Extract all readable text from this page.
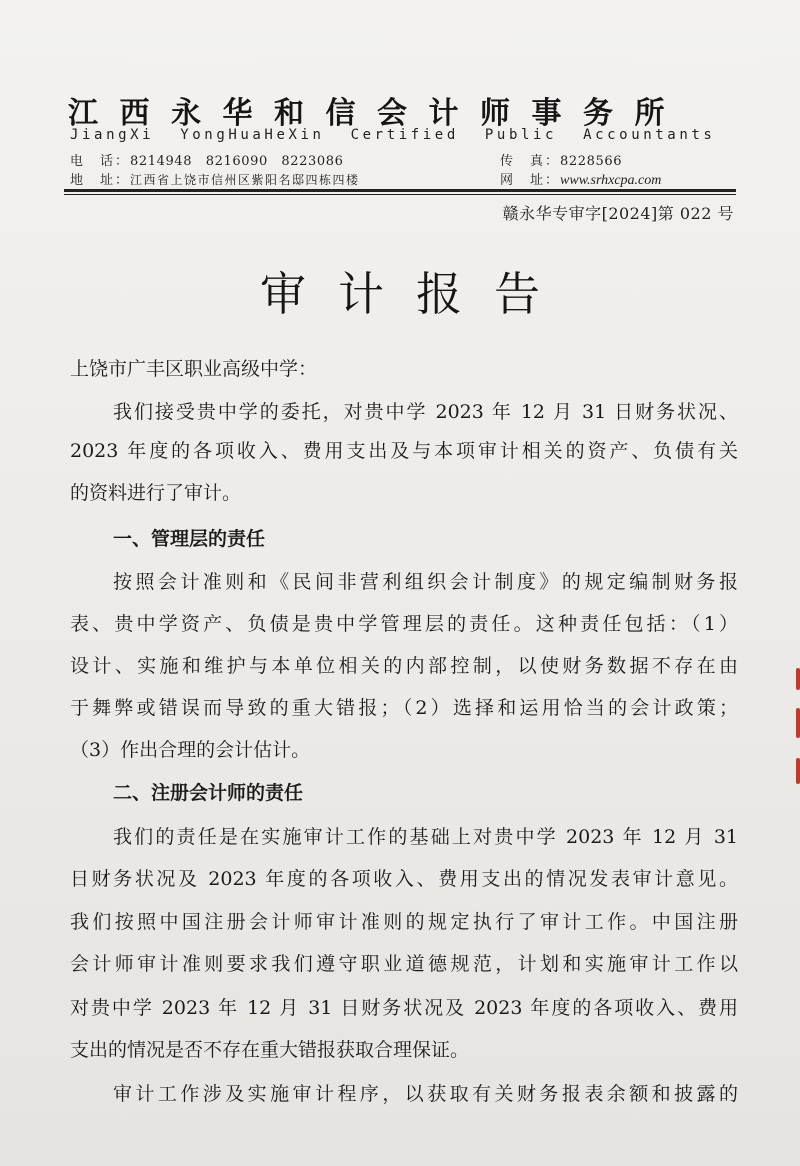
江西永华和信会计师事务所
JiangXi YongHuaHeXin Certified Public Accountants
电　话：8214948　8216090　8223086	传　真：8228566
地　址：江西省上饶市信州区紫阳名邸四栋四楼	网　址：www.srhxcpa.com
赣永华专审字[2024]第 022 号
审计报告
上饶市广丰区职业高级中学：
我们接受贵中学的委托，对贵中学 2023 年 12 月 31 日财务状况、
2023 年度的各项收入、费用支出及与本项审计相关的资产、负债有关
的资料进行了审计。
一、管理层的责任
按照会计准则和《民间非营利组织会计制度》的规定编制财务报
表、贵中学资产、负债是贵中学管理层的责任。这种责任包括：（1）
设计、实施和维护与本单位相关的内部控制，以使财务数据不存在由
于舞弊或错误而导致的重大错报；（2）选择和运用恰当的会计政策；
（3）作出合理的会计估计。
二、注册会计师的责任
我们的责任是在实施审计工作的基础上对贵中学 2023 年 12 月 31
日财务状况及 2023 年度的各项收入、费用支出的情况发表审计意见。
我们按照中国注册会计师审计准则的规定执行了审计工作。中国注册
会计师审计准则要求我们遵守职业道德规范，计划和实施审计工作以
对贵中学 2023 年 12 月 31 日财务状况及 2023 年度的各项收入、费用
支出的情况是否不存在重大错报获取合理保证。
审计工作涉及实施审计程序，以获取有关财务报表余额和披露的
